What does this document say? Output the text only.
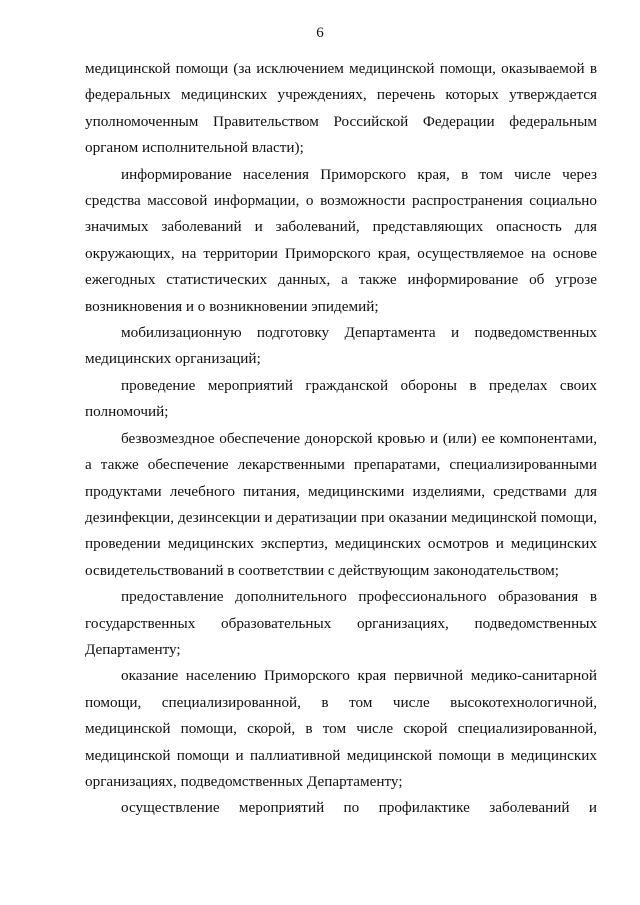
6

медицинской помощи (за исключением медицинской помощи, оказываемой в федеральных медицинских учреждениях, перечень которых утверждается уполномоченным Правительством Российской Федерации федеральным органом исполнительной власти);

информирование населения Приморского края, в том числе через средства массовой информации, о возможности распространения социально значимых заболеваний и заболеваний, представляющих опасность для окружающих, на территории Приморского края, осуществляемое на основе ежегодных статистических данных, а также информирование об угрозе возникновения и о возникновении эпидемий;

мобилизационную подготовку Департамента и подведомственных медицинских организаций;

проведение мероприятий гражданской обороны в пределах своих полномочий;

безвозмездное обеспечение донорской кровью и (или) ее компонентами, а также обеспечение лекарственными препаратами, специализированными продуктами лечебного питания, медицинскими изделиями, средствами для дезинфекции, дезинсекции и дератизации при оказании медицинской помощи, проведении медицинских экспертиз, медицинских осмотров и медицинских освидетельствований в соответствии с действующим законодательством;

предоставление дополнительного профессионального образования в государственных образовательных организациях, подведомственных Департаменту;

оказание населению Приморского края первичной медико-санитарной помощи, специализированной, в том числе высокотехнологичной, медицинской помощи, скорой, в том числе скорой специализированной, медицинской помощи и паллиативной медицинской помощи в медицинских организациях, подведомственных Департаменту;

осуществление мероприятий по профилактике заболеваний и
